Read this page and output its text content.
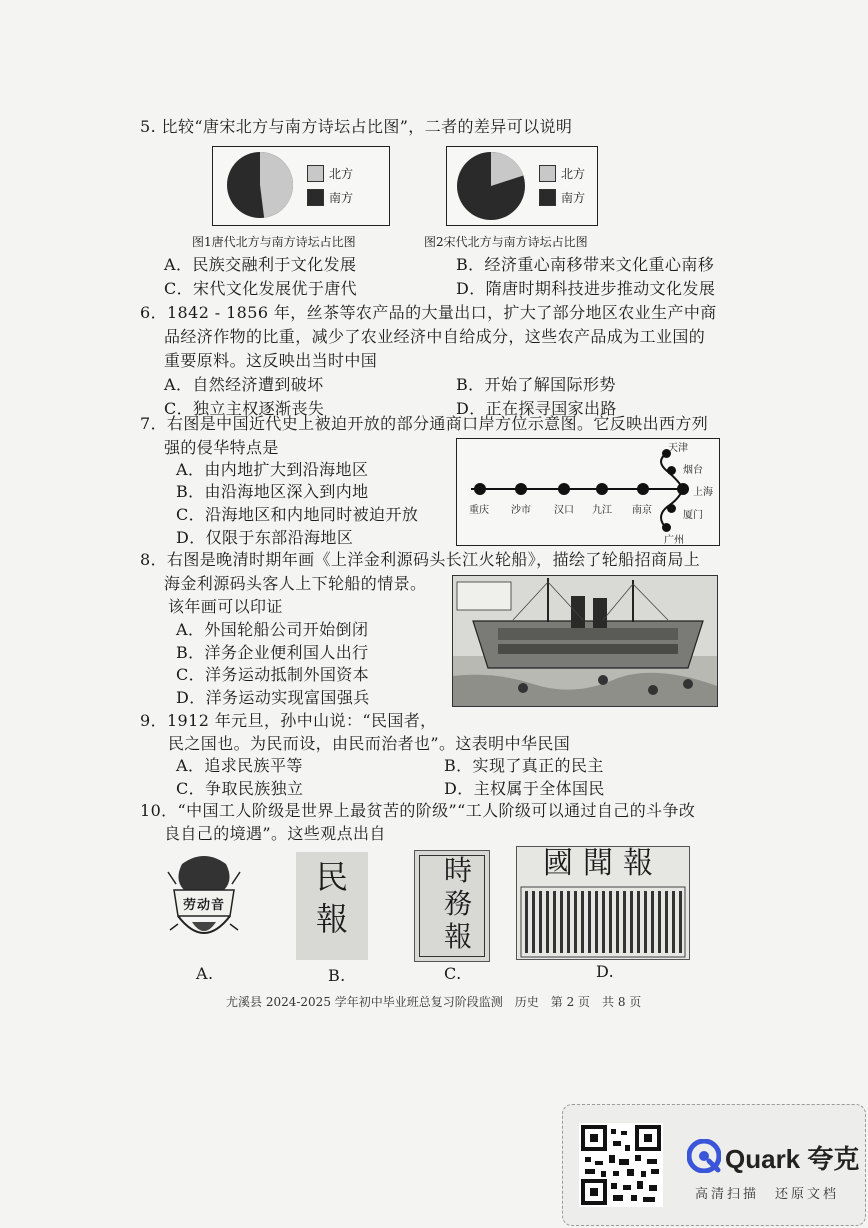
5. 比较“唐宋北方与南方诗坛占比图”，二者的差异可以说明
北方
南方
图1唐代北方与南方诗坛占比图
北方
南方
图2宋代北方与南方诗坛占比图
A．民族交融利于文化发展	B．经济重心南移带来文化重心南移
C．宋代文化发展优于唐代	D．隋唐时期科技进步推动文化发展
6．1842 - 1856 年，丝茶等农产品的大量出口，扩大了部分地区农业生产中商
品经济作物的比重，减少了农业经济中自给成分，这些农产品成为工业国的
重要原料。这反映出当时中国
A．自然经济遭到破坏	B．开始了解国际形势
C．独立主权逐渐丧失	D．正在探寻国家出路
7．右图是中国近代史上被迫开放的部分通商口岸方位示意图。它反映出西方列
强的侵华特点是
A．由内地扩大到沿海地区
B．由沿海地区深入到内地
C．沿海地区和内地同时被迫开放
D．仅限于东部沿海地区
重庆 沙市 汉口 九江 南京
天津
烟台
上海
厦门
广州
8．右图是晚清时期年画《上洋金利源码头长江火轮船》，描绘了轮船招商局上
海金利源码头客人上下轮船的情景。
该年画可以印证
A．外国轮船公司开始倒闭
B．洋务企业便利国人出行
C．洋务运动抵制外国资本
D．洋务运动实现富国强兵
9．1912 年元旦，孙中山说：“民国者，
民之国也。为民而设，由民而治者也”。这表明中华民国
A．追求民族平等	B．实现了真正的民主
C．争取民族独立	D．主权属于全体国民
10．“中国工人阶级是世界上最贫苦的阶级”“工人阶级可以通过自己的斗争改
良自己的境遇”。这些观点出自
劳动音
A.
民
報
B.
時
務
報
C.
國聞報
D.
尤溪县 2024-2025 学年初中毕业班总复习阶段监测　历史　第 2 页　共 8 页
Quark 夸克
高清扫描　还原文档
